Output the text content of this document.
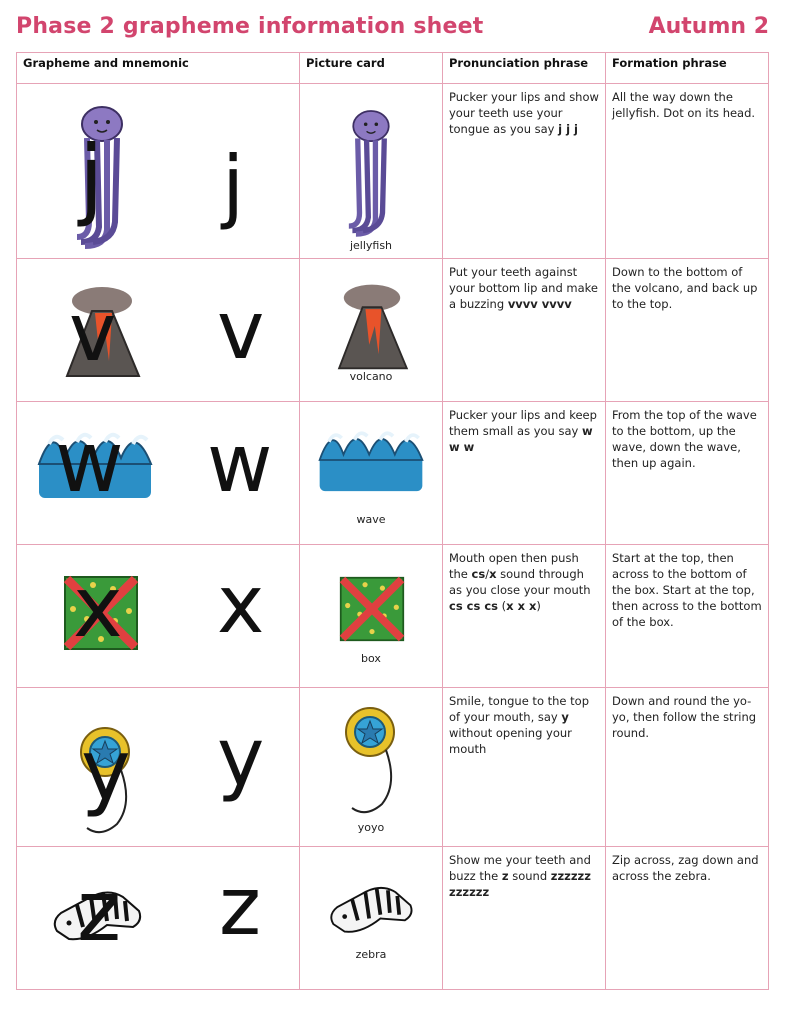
Phase 2 grapheme information sheet	Autumn 2
Grapheme and mnemonic	Picture card	Pronunciation phrase	Formation phrase

j j	jellyfish	Pucker your lips and show your teeth use your tongue as you say j j j	All the way down the jellyfish. Dot on its head.

v v	volcano	Put your teeth against your bottom lip and make a buzzing vvvv vvvv	Down to the bottom of the volcano, and back up to the top.

w w	wave	Pucker your lips and keep them small as you say w w w	From the top of the wave to the bottom, up the wave, down the wave, then up again.

x x	box	Mouth open then push the cs/x sound through as you close your mouth cs cs cs (x x x)	Start at the top, then across to the bottom of the box. Start at the top, then across to the bottom of the box.

y y	yoyo	Smile, tongue to the top of your mouth, say y without opening your mouth	Down and round the yo-yo, then follow the string round.

z z	zebra	Show me your teeth and buzz the z sound zzzzzz zzzzzz	Zip across, zag down and across the zebra.
